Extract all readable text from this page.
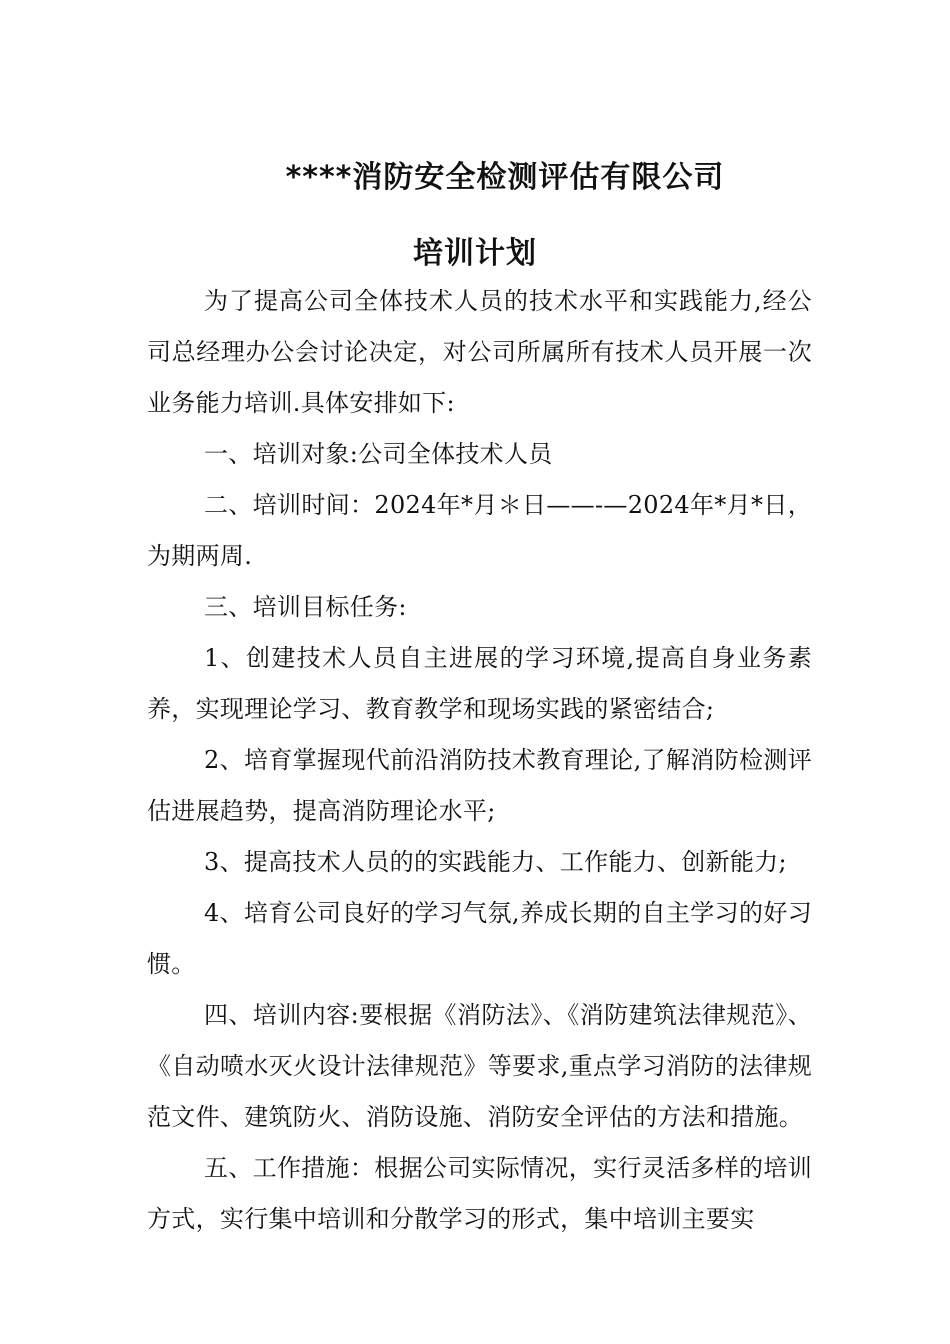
****消防安全检测评估有限公司
培训计划

为了提高公司全体技术人员的技术水平和实践能力,经公司总经理办公会讨论决定，对公司所属所有技术人员开展一次业务能力培训.具体安排如下:

一、培训对象:公司全体技术人员

二、培训时间：2024年*月＊日——-—2024年*月*日，为期两周.

三、培训目标任务:

1、创建技术人员自主进展的学习环境,提高自身业务素养，实现理论学习、教育教学和现场实践的紧密结合;

2、培育掌握现代前沿消防技术教育理论,了解消防检测评估进展趋势，提高消防理论水平;

3、提高技术人员的的实践能力、工作能力、创新能力;

4、培育公司良好的学习气氛,养成长期的自主学习的好习惯。

四、培训内容:要根据《消防法》、《消防建筑法律规范》、《自动喷水灭火设计法律规范》等要求,重点学习消防的法律规范文件、建筑防火、消防设施、消防安全评估的方法和措施。

五、工作措施：根据公司实际情况，实行灵活多样的培训方式，实行集中培训和分散学习的形式，集中培训主要实
